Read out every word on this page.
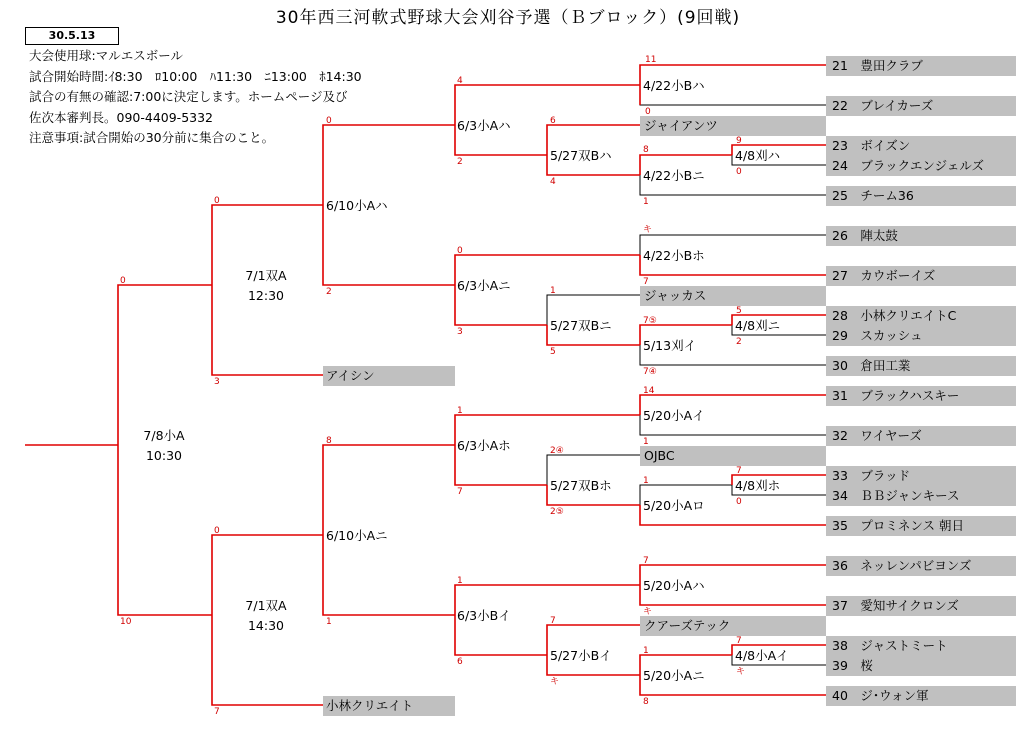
30年西三河軟式野球大会刈谷予選（Ｂブロック）(9回戦)
30.5.13
大会使用球:マルエスボール
試合開始時間:ｲ8:30　ﾛ10:00　ﾊ11:30　ﾆ13:00　ﾎ14:30
試合の有無の確認:7:00に決定します。ホームページ及び
佐次本審判長。090-4409-5332
注意事項:試合開始の30分前に集合のこと。
21　豊田クラブ
22　ブレイカーズ
23　ボイズン
24　ブラックエンジェルズ
25　チーム36
26　陣太鼓
27　カウボーイズ
28　小林クリエイトC
29　スカッシュ
30　倉田工業
31　ブラックハスキー
32　ワイヤーズ
33　ブラッド
34　ＢＢジャンキース
35　プロミネンス 朝日
36　ネッレンパビヨンズ
37　愛知サイクロンズ
38　ジャストミート
39　桜
40　ジ･ウォン軍
ジャイアンツ
ジャッカス
OJBC
クアーズテック
アイシン
小林クリエイト
4/22小Bハ
4/8刈ハ
4/22小Bニ
4/22小Bホ
4/8刈ニ
5/13刈イ
5/20小Aイ
4/8刈ホ
5/20小Aロ
5/20小Aハ
4/8小Aイ
5/20小Aニ
5/27双Bハ
5/27双Bニ
5/27双Bホ
5/27小Bイ
6/3小Aハ
6/3小Aニ
6/3小Aホ
6/3小Bイ
6/10小Aハ
6/10小Aニ
7/1双A
12:30
7/1双A
14:30
7/8小A
10:30
11
0
9
0
8
1
キ
7
5
2
7⑤
7④
14
1
7
0
1
7
キ
7
キ
1
8
6
4
1
5
2④
2⑤
7
キ
4
2
0
3
1
7
1
6
0
2
8
1
0
3
0
7
0
10
